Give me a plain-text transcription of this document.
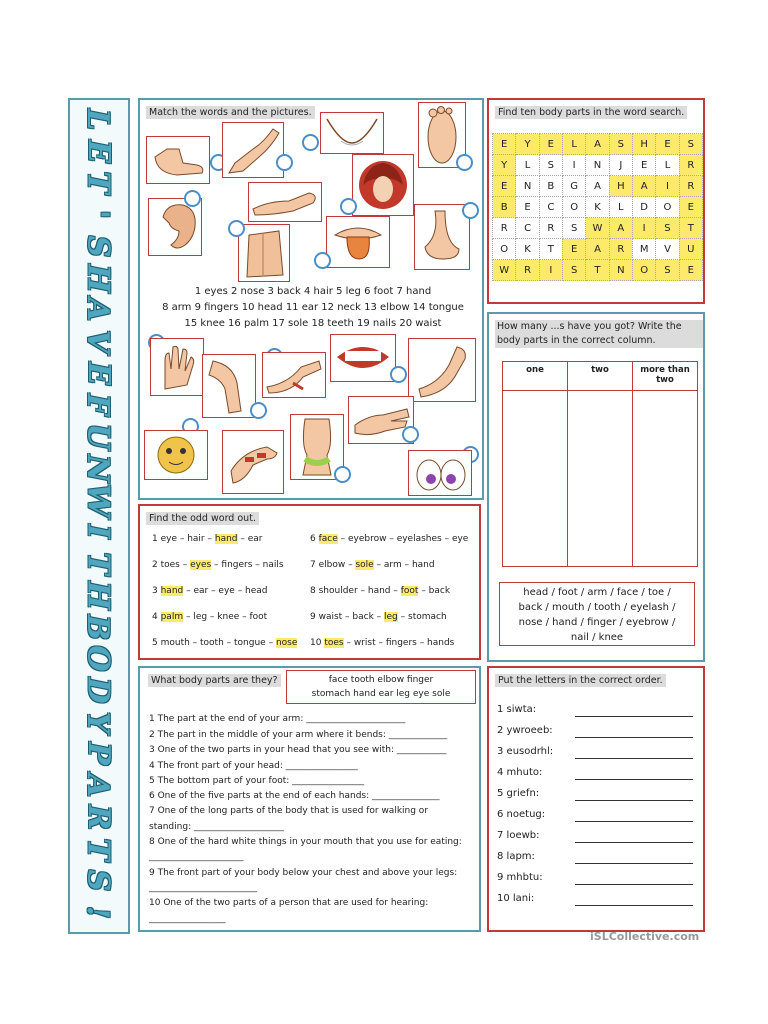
L
E
T
'
S
H
A
V
E
F
U
N
W
I
T
H
B
O
D
Y
P
A
R
T
S
!
Match the words and the pictures.
1 eyes 2 nose 3 back 4 hair 5 leg 6 foot 7 hand
8 arm 9 fingers 10 head 11 ear 12 neck 13 elbow 14 tongue
15 knee 16 palm 17 sole 18 teeth 19 nails 20 waist
Find ten body parts in the word search.
E	Y	E	L	A	S	H	E	S
Y	L	S	I	N	J	E	L	R
E	N	B	G	A	H	A	I	R
B	E	C	O	K	L	D	O	E
R	C	R	S	W	A	I	S	T
O	K	T	E	A	R	M	V	U
W	R	I	S	T	N	O	S	E
How many ...s have you got? Write the body parts in the correct column.
one	two	more than two

head / foot / arm / face / toe /
back / mouth / tooth / eyelash /
nose / hand / finger / eyebrow /
nail / knee
Find the odd word out.
1 eye – hair – hand – ear
2 toes – eyes – fingers – nails
3 hand – ear – eye – head
4 palm – leg – knee – foot
5 mouth – tooth – tongue – nose
6 face – eyebrow – eyelashes – eye
7 elbow – sole – arm – hand
8 shoulder – hand – foot – back
9 waist – back – leg – stomach
10 toes – wrist – fingers – hands
What body parts are they?	face tooth elbow finger
stomach hand ear leg eye sole
1 The part at the end of your arm: ______________________
2 The part in the middle of your arm where it bends: _____________
3 One of the two parts in your head that you see with: ___________
4 The front part of your head: ________________
5 The bottom part of your foot: ________________
6 One of the five parts at the end of each hands: _______________
7 One of the long parts of the body that is used for walking or
standing: ____________________
8 One of the hard white things in your mouth that you use for eating:
_____________________
9 The front part of your body below your chest and above your legs:
________________________
10 One of the two parts of a person that are used for hearing:
_________________
Put the letters in the correct order.
1 siwta:
2 ywroeeb:
3 eusodrhl:
4 mhuto:
5 griefn:
6 noetug:
7 loewb:
8 lapm:
9 mhbtu:
10 lani:
iSLCollective.com
